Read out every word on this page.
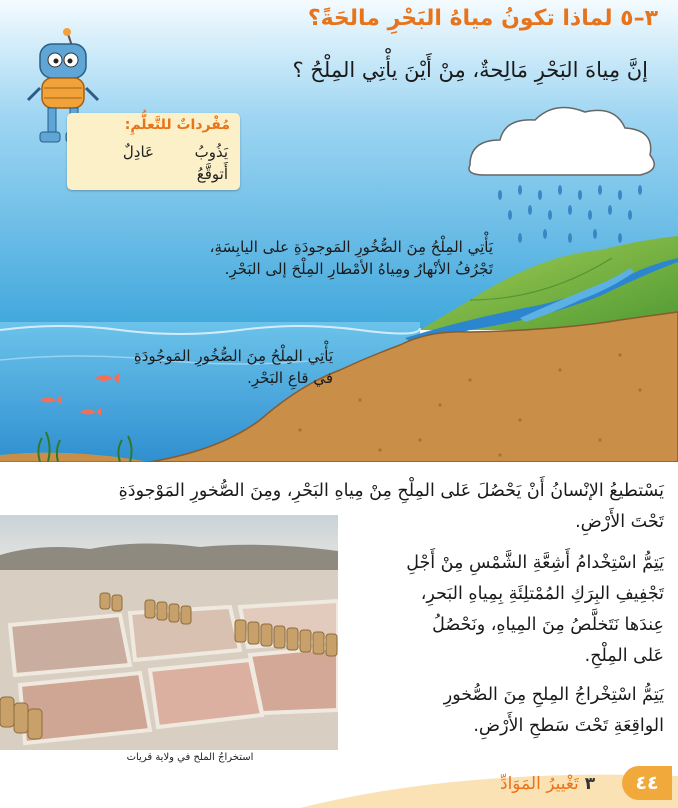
٣–٥ لماذا تكونُ مياهُ البَحْرِ مالحَةً؟
إنَّ مِياهَ البَحْرِ مَالِحةٌ، مِنْ أَيْنَ يأْتِي المِلْحُ ؟
مُفْرداتٌ للتَّعلُّمِ:
يَذُوبُ
عَادِلٌ
أَتوقَّعُ
يَأْتِي المِلْحُ مِنَ الصُّخُورِ المَوجودَةِ على اليابِسَةِ،
تَجْرُفُ الأنْهارُ ومِياهُ الأمْطارِ المِلْحَ إلى البَحْرِ.
يَأْتِي المِلْحُ مِنَ الصُّخُورِ المَوجُودَةِ
في قاعِ البَحْرِ.
يَسْتطيعُ الإنْسانُ أَنْ يَحْصُلَ عَلى المِلْحِ مِنْ مِياهِ البَحْرِ، ومِنَ الصُّخورِ المَوْجودَةِ
تَحْتَ الأَرْضِ.
يَتِمُّ اسْتِخْدامُ أَشِعَّةِ الشَّمْسِ مِنْ أَجْلِ
تَجْفِيفِ البِرَكِ المُمْتلِئَةِ بِمِياهِ البَحرِ،
عِندَها نَتَخلَّصُ مِنَ المِياهِ، ونَحْصُلُ
عَلى المِلْحِ.
يَتِمُّ اسْتِخْراجُ المِلحِ مِنَ الصُّخورِ
الواقِعَةِ تَحْتَ سَطحِ الأَرْضِ.
استخراجُ الملح في ولاية قريات
٣تَغْييرُ المَوَادِّ	٤٤
